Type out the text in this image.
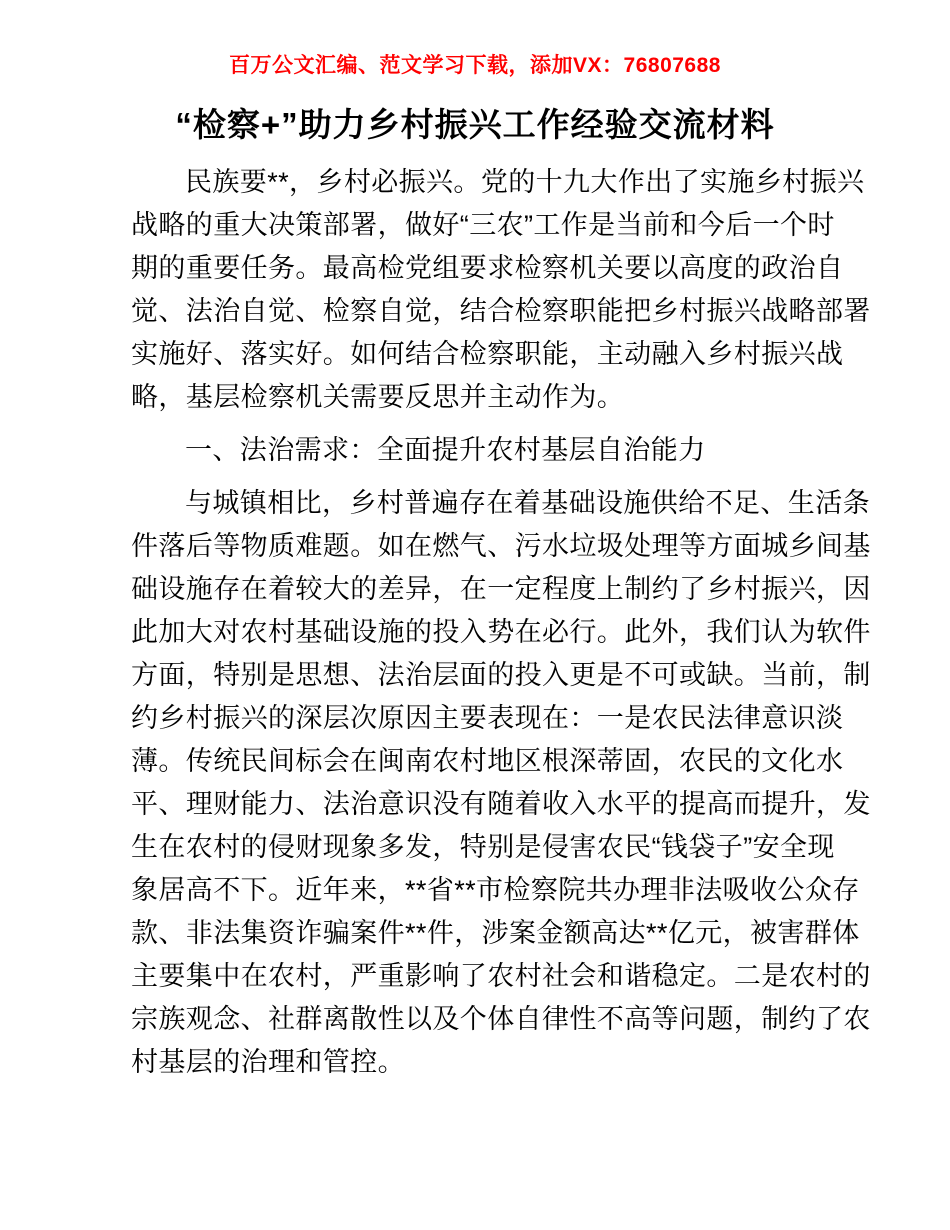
百万公文汇编、范文学习下载，添加VX：76807688
“检察+”助力乡村振兴工作经验交流材料
民族要**，乡村必振兴。党的十九大作出了实施乡村振兴
战略的重大决策部署，做好“三农”工作是当前和今后一个时
期的重要任务。最高检党组要求检察机关要以高度的政治自
觉、法治自觉、检察自觉，结合检察职能把乡村振兴战略部署
实施好、落实好。如何结合检察职能，主动融入乡村振兴战
略，基层检察机关需要反思并主动作为。
一、法治需求：全面提升农村基层自治能力
与城镇相比，乡村普遍存在着基础设施供给不足、生活条
件落后等物质难题。如在燃气、污水垃圾处理等方面城乡间基
础设施存在着较大的差异，在一定程度上制约了乡村振兴，因
此加大对农村基础设施的投入势在必行。此外，我们认为软件
方面，特别是思想、法治层面的投入更是不可或缺。当前，制
约乡村振兴的深层次原因主要表现在：一是农民法律意识淡
薄。传统民间标会在闽南农村地区根深蒂固，农民的文化水
平、理财能力、法治意识没有随着收入水平的提高而提升，发
生在农村的侵财现象多发，特别是侵害农民“钱袋子”安全现
象居高不下。近年来，**省**市检察院共办理非法吸收公众存
款、非法集资诈骗案件**件，涉案金额高达**亿元，被害群体
主要集中在农村，严重影响了农村社会和谐稳定。二是农村的
宗族观念、社群离散性以及个体自律性不高等问题，制约了农
村基层的治理和管控。
